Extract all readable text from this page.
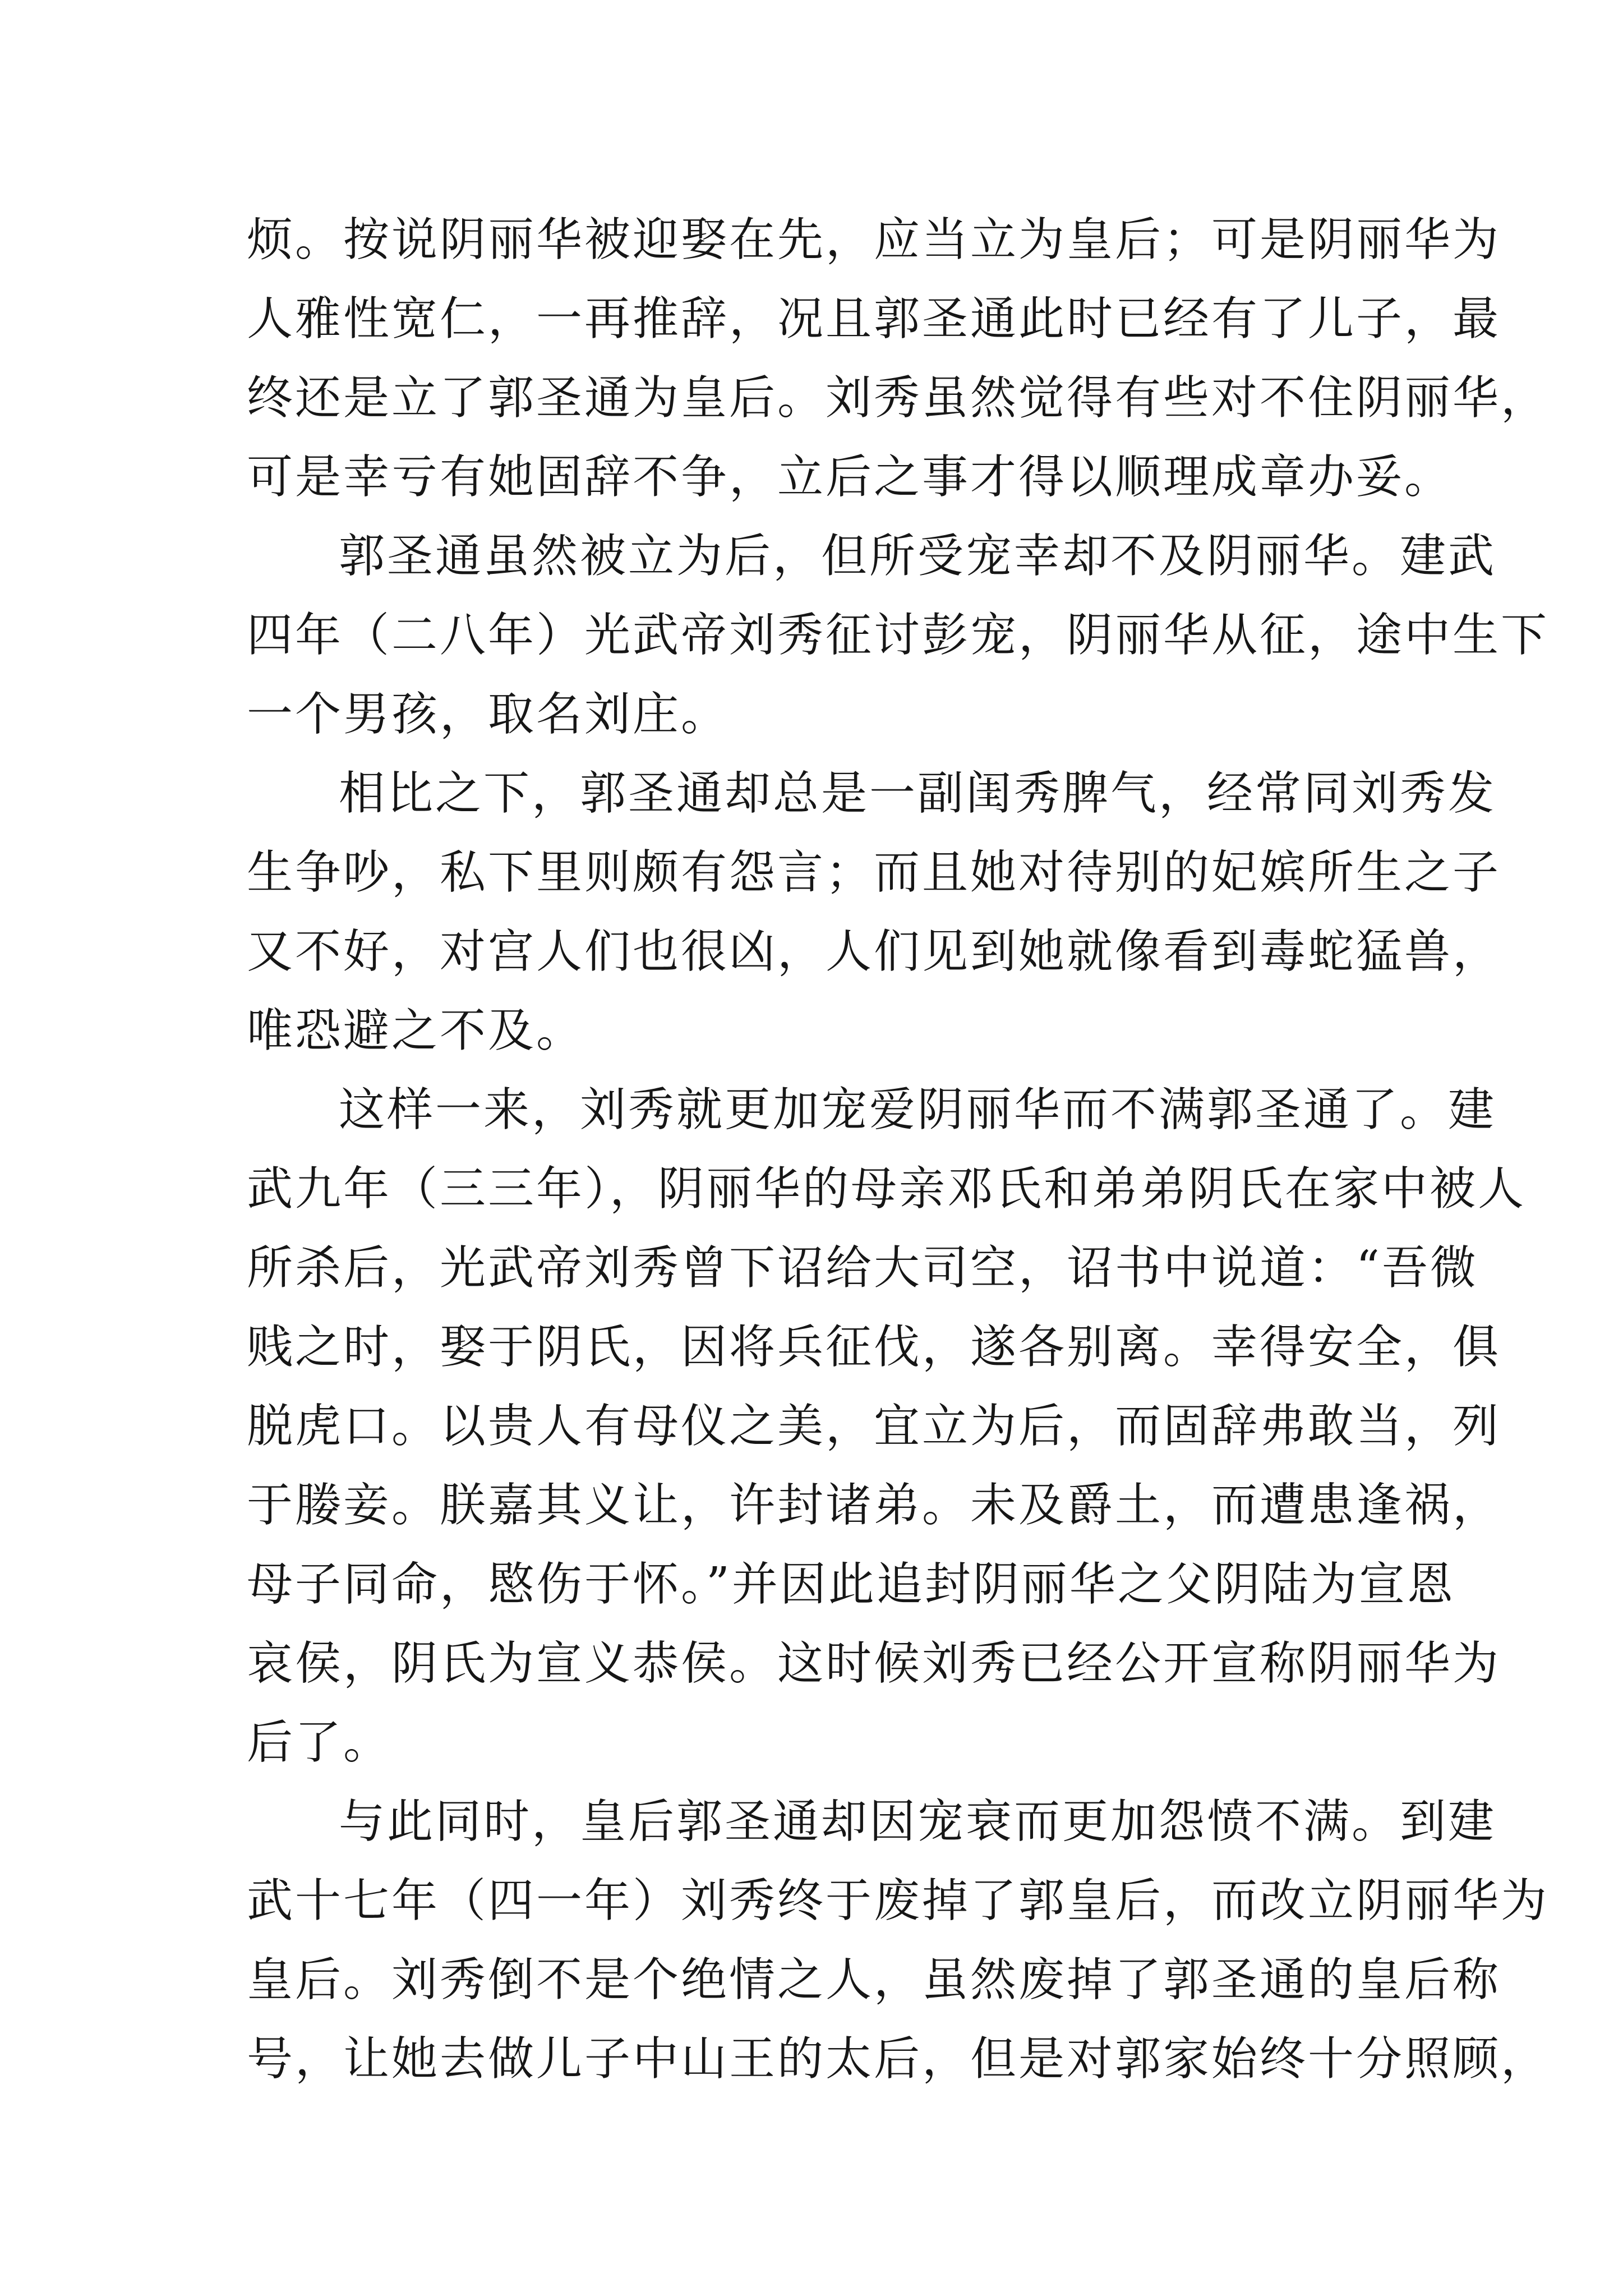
烦。按说阴丽华被迎娶在先，应当立为皇后；可是阴丽华为
人雅性宽仁，一再推辞，况且郭圣通此时已经有了儿子，最
终还是立了郭圣通为皇后。刘秀虽然觉得有些对不住阴丽华，
可是幸亏有她固辞不争，立后之事才得以顺理成章办妥。
郭圣通虽然被立为后，但所受宠幸却不及阴丽华。建武
四年（二八年）光武帝刘秀征讨彭宠，阴丽华从征，途中生下
一个男孩，取名刘庄。
相比之下，郭圣通却总是一副闺秀脾气，经常同刘秀发
生争吵，私下里则颇有怨言；而且她对待别的妃嫔所生之子
又不好，对宫人们也很凶，人们见到她就像看到毒蛇猛兽，
唯恐避之不及。
这样一来，刘秀就更加宠爱阴丽华而不满郭圣通了。建
武九年（三三年），阴丽华的母亲邓氏和弟弟阴氏在家中被人
所杀后，光武帝刘秀曾下诏给大司空，诏书中说道：“吾微
贱之时，娶于阴氏，因将兵征伐，遂各别离。幸得安全，俱
脱虎口。以贵人有母仪之美，宜立为后，而固辞弗敢当，列
于媵妾。朕嘉其义让，许封诸弟。未及爵土，而遭患逢祸，
母子同命，愍伤于怀。”并因此追封阴丽华之父阴陆为宣恩
哀侯，阴氏为宣义恭侯。这时候刘秀已经公开宣称阴丽华为
后了。
与此同时，皇后郭圣通却因宠衰而更加怨愤不满。到建
武十七年（四一年）刘秀终于废掉了郭皇后，而改立阴丽华为
皇后。刘秀倒不是个绝情之人，虽然废掉了郭圣通的皇后称
号，让她去做儿子中山王的太后，但是对郭家始终十分照顾，
